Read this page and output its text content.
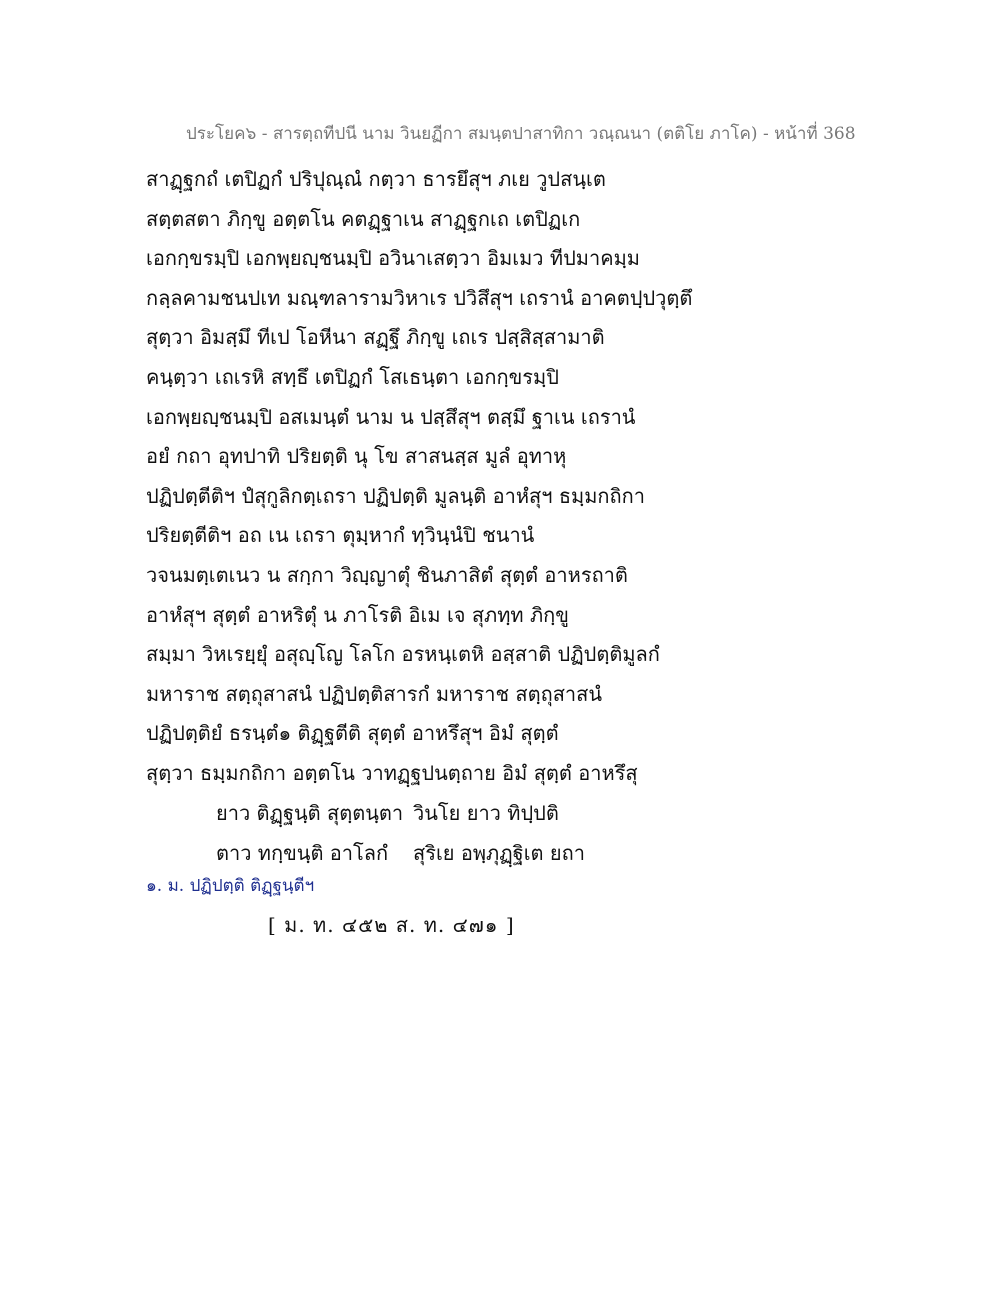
ประโยค๖ - สารตฺถทีปนี นาม วินยฏีกา สมนฺตปาสาทิกา วณฺณนา (ตติโย ภาโค) - หน้าที่ 368
สาฏฺฐกถํ เตปิฏกํ ปริปุณฺณํ กตฺวา ธารยึสุฯ ภเย วูปสนฺเต
สตฺตสตา ภิกฺขู อตฺตโน คตฏฺฐาเน สาฏฺฐกเถ เตปิฏเก
เอกกฺขรมฺปิ เอกพฺยญฺชนมฺปิ อวินาเสตฺวา อิมเมว ทีปมาคมฺม
กลฺลคามชนปเท มณฺฑลารามวิหาเร ปวิสึสุฯ เถรานํ อาคตปฺปวุตฺตึ
สุตฺวา อิมสฺมึ ทีเป โอหีนา สฏฺฐึ ภิกฺขู เถเร ปสฺสิสฺสามาติ
คนฺตฺวา เถเรหิ สทฺธึ เตปิฏกํ โสเธนฺตา เอกกฺขรมฺปิ
เอกพฺยญฺชนมฺปิ อสเมนฺตํ นาม น ปสฺสึสุฯ ตสฺมึ ฐาเน เถรานํ
อยํ กถา อุทปาทิ ปริยตฺติ นุ โข สาสนสฺส มูลํ อุทาหุ
ปฏิปตฺตีติฯ ปํสุกูลิกตฺเถรา ปฏิปตฺติ มูลนฺติ อาหํสุฯ ธมฺมกถิกา
ปริยตฺตีติฯ อถ เน เถรา ตุมฺหากํ ทฺวินฺนํปิ ชนานํ
วจนมตฺเตเนว น สกฺกา วิญฺญาตุํ ชินภาสิตํ สุตฺตํ อาหรถาติ
อาหํสุฯ สุตฺตํ อาหริตุํ น ภาโรติ อิเม เจ สุภทฺท ภิกฺขู
สมฺมา วิหเรยฺยุํ อสุญฺโญ โลโก อรหนฺเตหิ อสฺสาติ ปฏิปตฺติมูลกํ
มหาราช สตฺถุสาสนํ ปฏิปตฺติสารกํ มหาราช สตฺถุสาสนํ
ปฏิปตฺติยํ ธรนฺตํ๑ ติฏฺฐตีติ สุตฺตํ อาหรึสุฯ อิมํ สุตฺตํ
สุตฺวา ธมฺมกถิกา อตฺตโน วาทฏฺฐปนตฺถาย อิมํ สุตฺตํ อาหรึสุ
ยาว ติฏฺฐนฺติ สุตฺตนฺตา วินโย ยาว ทิปฺปติ
ตาว ทกฺขนฺติ อาโลกํ สุริเย อพฺภุฏฺฐิเต ยถา
๑. ม. ปฏิปตฺติ ติฏฺฐนฺตีฯ
[ ม. ท. ๔๕๒ ส. ท. ๔๗๑ ]
